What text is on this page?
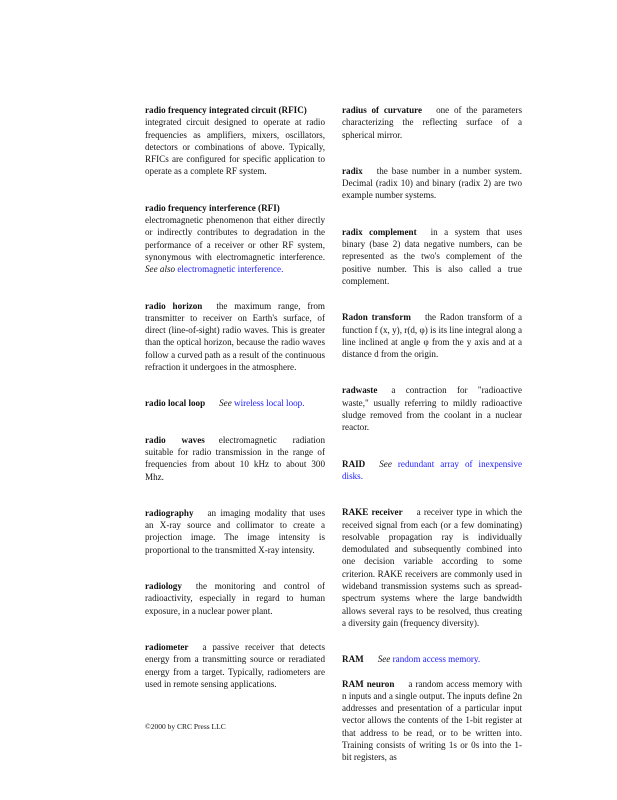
radio frequency integrated circuit (RFIC)
integrated circuit designed to operate at radio frequencies as amplifiers, mixers, oscillators, detectors or combinations of above. Typically, RFICs are configured for specific application to operate as a complete RF system.

radio frequency interference (RFI)
electromagnetic phenomenon that either directly or indirectly contributes to degradation in the performance of a receiver or other RF system, synonymous with electromagnetic interference. See also electromagnetic interference.

radio horizon the maximum range, from transmitter to receiver on Earth's surface, of direct (line-of-sight) radio waves. This is greater than the optical horizon, because the radio waves follow a curved path as a result of the continuous refraction it undergoes in the atmosphere.

radio local loop See wireless local loop.

radio waves electromagnetic radiation suitable for radio transmission in the range of frequencies from about 10 kHz to about 300 Mhz.

radiography an imaging modality that uses an X-ray source and collimator to create a projection image. The image intensity is proportional to the transmitted X-ray intensity.

radiology the monitoring and control of radioactivity, especially in regard to human exposure, in a nuclear power plant.

radiometer a passive receiver that detects energy from a transmitting source or reradiated energy from a target. Typically, radiometers are used in remote sensing applications.

radius of curvature one of the parameters characterizing the reflecting surface of a spherical mirror.

radix the base number in a number system. Decimal (radix 10) and binary (radix 2) are two example number systems.

radix complement in a system that uses binary (base 2) data negative numbers, can be represented as the two's complement of the positive number. This is also called a true complement.

Radon transform the Radon transform of a function f (x, y), r(d, φ) is its line integral along a line inclined at angle φ from the y axis and at a distance d from the origin.

radwaste a contraction for "radioactive waste," usually referring to mildly radioactive sludge removed from the coolant in a nuclear reactor.

RAID See redundant array of inexpensive disks.

RAKE receiver a receiver type in which the received signal from each (or a few dominating) resolvable propagation ray is individually demodulated and subsequently combined into one decision variable according to some criterion. RAKE receivers are commonly used in wideband transmission systems such as spread-spectrum systems where the large bandwidth allows several rays to be resolved, thus creating a diversity gain (frequency diversity).

RAM See random access memory.

RAM neuron a random access memory with n inputs and a single output. The inputs define 2n addresses and presentation of a particular input vector allows the contents of the 1-bit register at that address to be read, or to be written into. Training consists of writing 1s or 0s into the 1-bit registers, as

©2000 by CRC Press LLC
